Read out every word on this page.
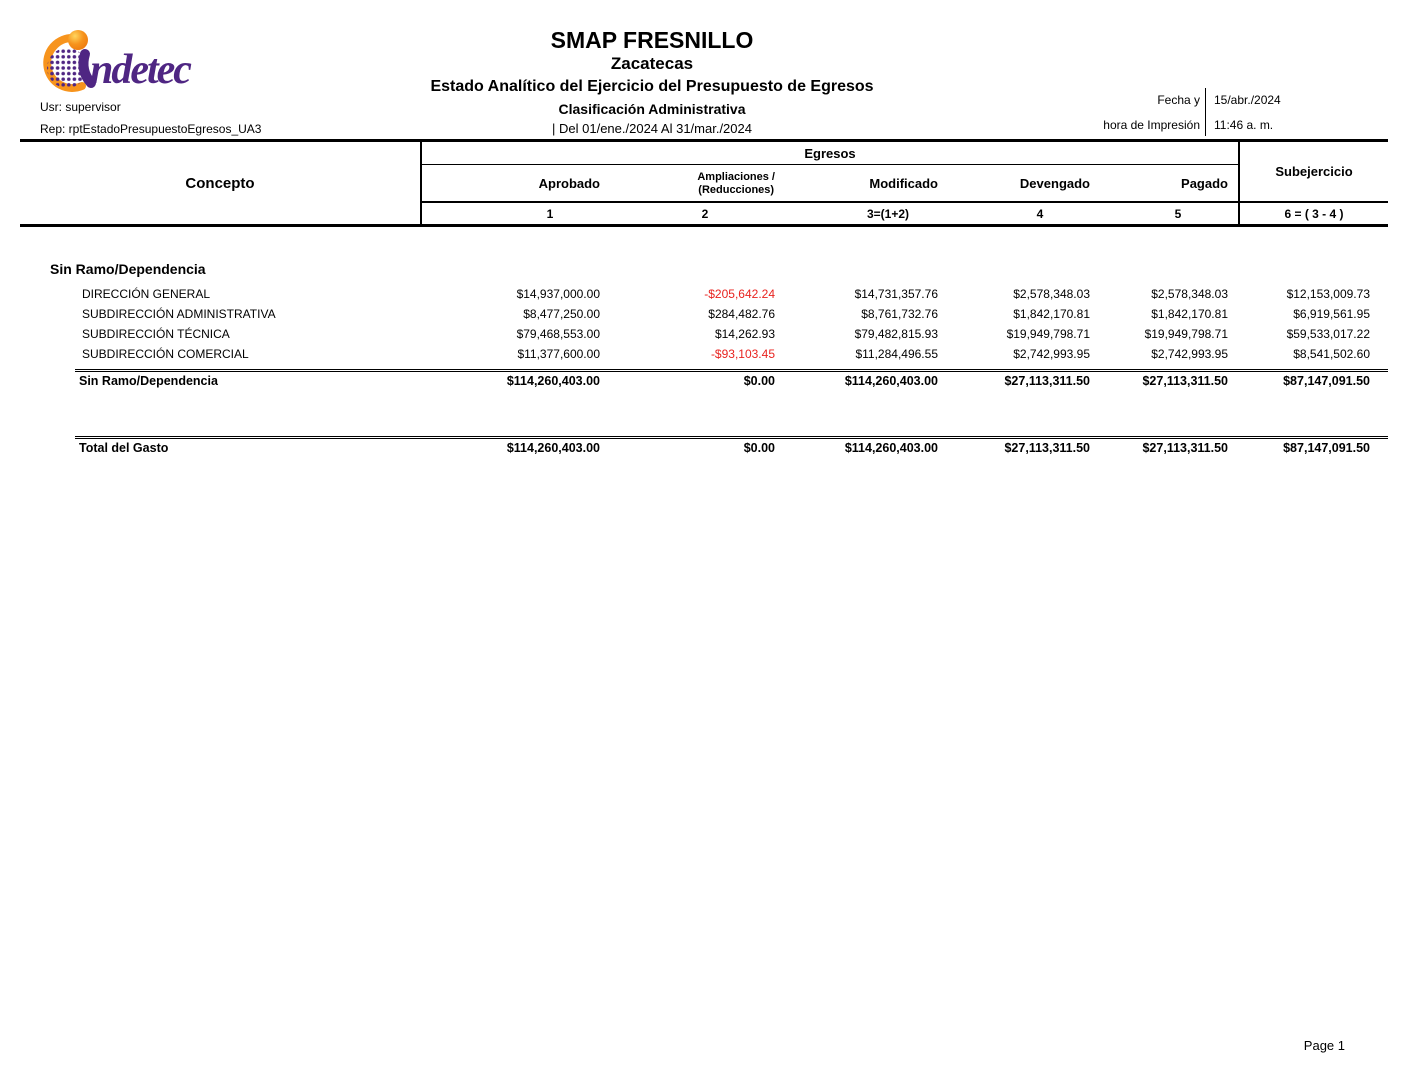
ndetec
Usr: supervisor
Rep: rptEstadoPresupuestoEgresos_UA3
SMAP FRESNILLO
Zacatecas
Estado Analítico del Ejercicio del Presupuesto de Egresos
Clasificación Administrativa
| Del 01/ene./2024 Al 31/mar./2024
Fecha y
hora de Impresión
15/abr./2024
11:46 a. m.
Concepto
Egresos
Aprobado	Ampliaciones /
(Reducciones)	Modificado	Devengado	Pagado
1	2	3=(1+2)	4	5
Subejercicio
6 = ( 3 - 4 )
Sin Ramo/Dependencia
DIRECCIÓN GENERAL	$14,937,000.00	-$205,642.24	$14,731,357.76	$2,578,348.03	$2,578,348.03	$12,153,009.73
SUBDIRECCIÓN ADMINISTRATIVA	$8,477,250.00	$284,482.76	$8,761,732.76	$1,842,170.81	$1,842,170.81	$6,919,561.95
SUBDIRECCIÓN TÉCNICA	$79,468,553.00	$14,262.93	$79,482,815.93	$19,949,798.71	$19,949,798.71	$59,533,017.22
SUBDIRECCIÓN COMERCIAL	$11,377,600.00	-$93,103.45	$11,284,496.55	$2,742,993.95	$2,742,993.95	$8,541,502.60
Sin Ramo/Dependencia	$114,260,403.00	$0.00	$114,260,403.00	$27,113,311.50	$27,113,311.50	$87,147,091.50
Total del Gasto	$114,260,403.00	$0.00	$114,260,403.00	$27,113,311.50	$27,113,311.50	$87,147,091.50
Page 1
